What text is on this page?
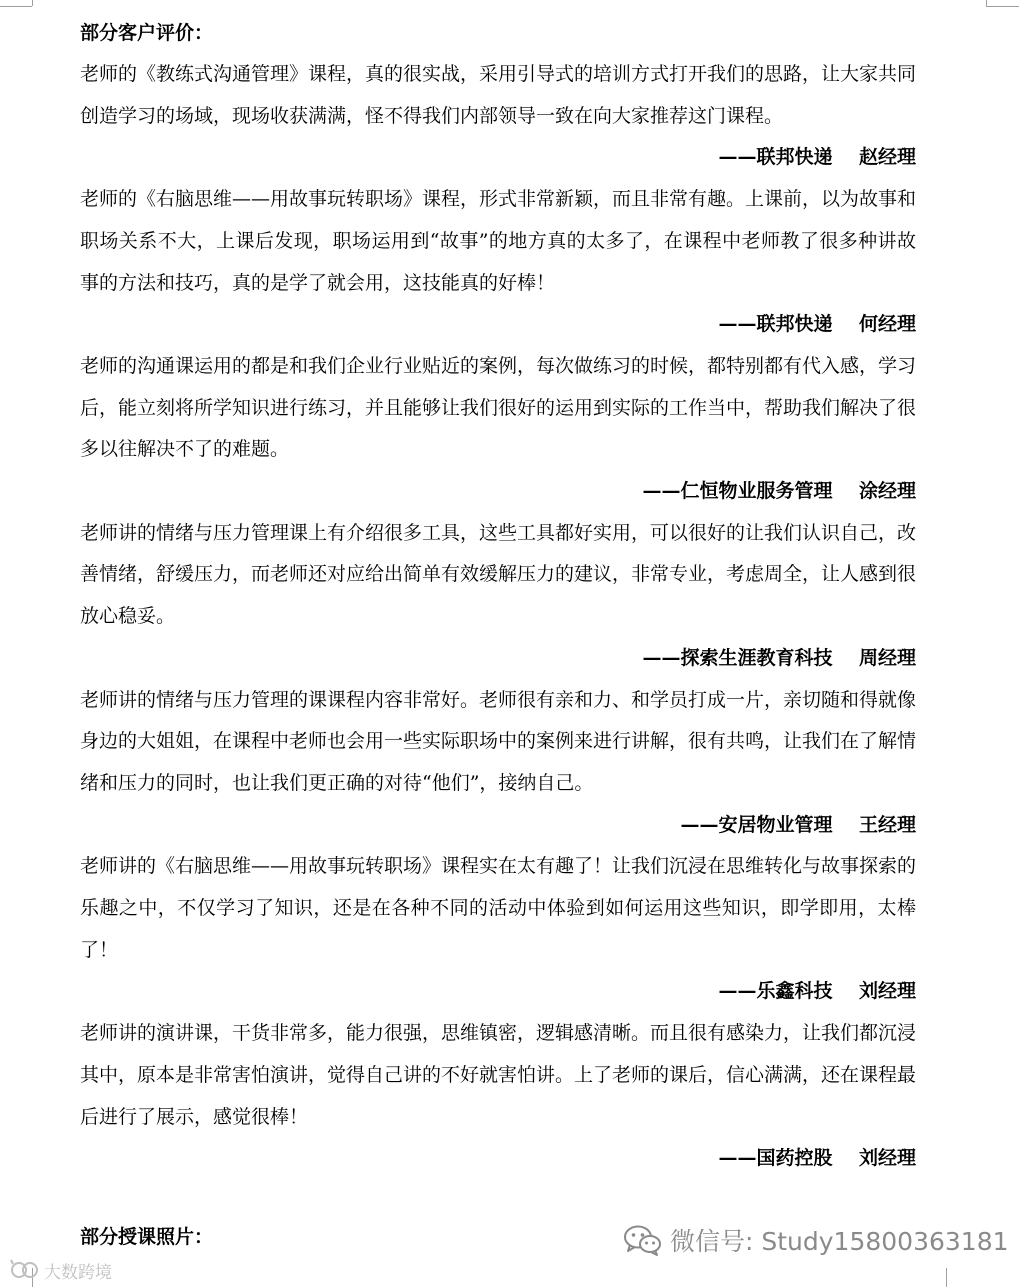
部分客户评价：

老师的《教练式沟通管理》课程，真的很实战，采用引导式的培训方式打开我们的思路，让大家共同创造学习的场域，现场收获满满，怪不得我们内部领导一致在向大家推荐这门课程。

——联邦快递    赵经理

老师的《右脑思维——用故事玩转职场》课程，形式非常新颖，而且非常有趣。上课前，以为故事和职场关系不大，上课后发现，职场运用到“故事”的地方真的太多了，在课程中老师教了很多种讲故事的方法和技巧，真的是学了就会用，这技能真的好棒！

——联邦快递    何经理

老师的沟通课运用的都是和我们企业行业贴近的案例，每次做练习的时候，都特别都有代入感，学习后，能立刻将所学知识进行练习，并且能够让我们很好的运用到实际的工作当中，帮助我们解决了很多以往解决不了的难题。

——仁恒物业服务管理    涂经理

老师讲的情绪与压力管理课上有介绍很多工具，这些工具都好实用，可以很好的让我们认识自己，改善情绪，舒缓压力，而老师还对应给出简单有效缓解压力的建议，非常专业，考虑周全，让人感到很放心稳妥。

——探索生涯教育科技    周经理

老师讲的情绪与压力管理的课课程内容非常好。老师很有亲和力、和学员打成一片，亲切随和得就像身边的大姐姐，在课程中老师也会用一些实际职场中的案例来进行讲解，很有共鸣，让我们在了解情绪和压力的同时，也让我们更正确的对待“他们”，接纳自己。

——安居物业管理    王经理

老师讲的《右脑思维——用故事玩转职场》课程实在太有趣了！让我们沉浸在思维转化与故事探索的乐趣之中，不仅学习了知识，还是在各种不同的活动中体验到如何运用这些知识，即学即用，太棒了！

——乐鑫科技    刘经理

老师讲的演讲课，干货非常多，能力很强，思维镇密，逻辑感清晰。而且很有感染力，让我们都沉浸其中，原本是非常害怕演讲，觉得自己讲的不好就害怕讲。上了老师的课后，信心满满，还在课程最后进行了展示，感觉很棒！

——国药控股    刘经理

部分授课照片：	微信号: Study15800363181
大数跨境
